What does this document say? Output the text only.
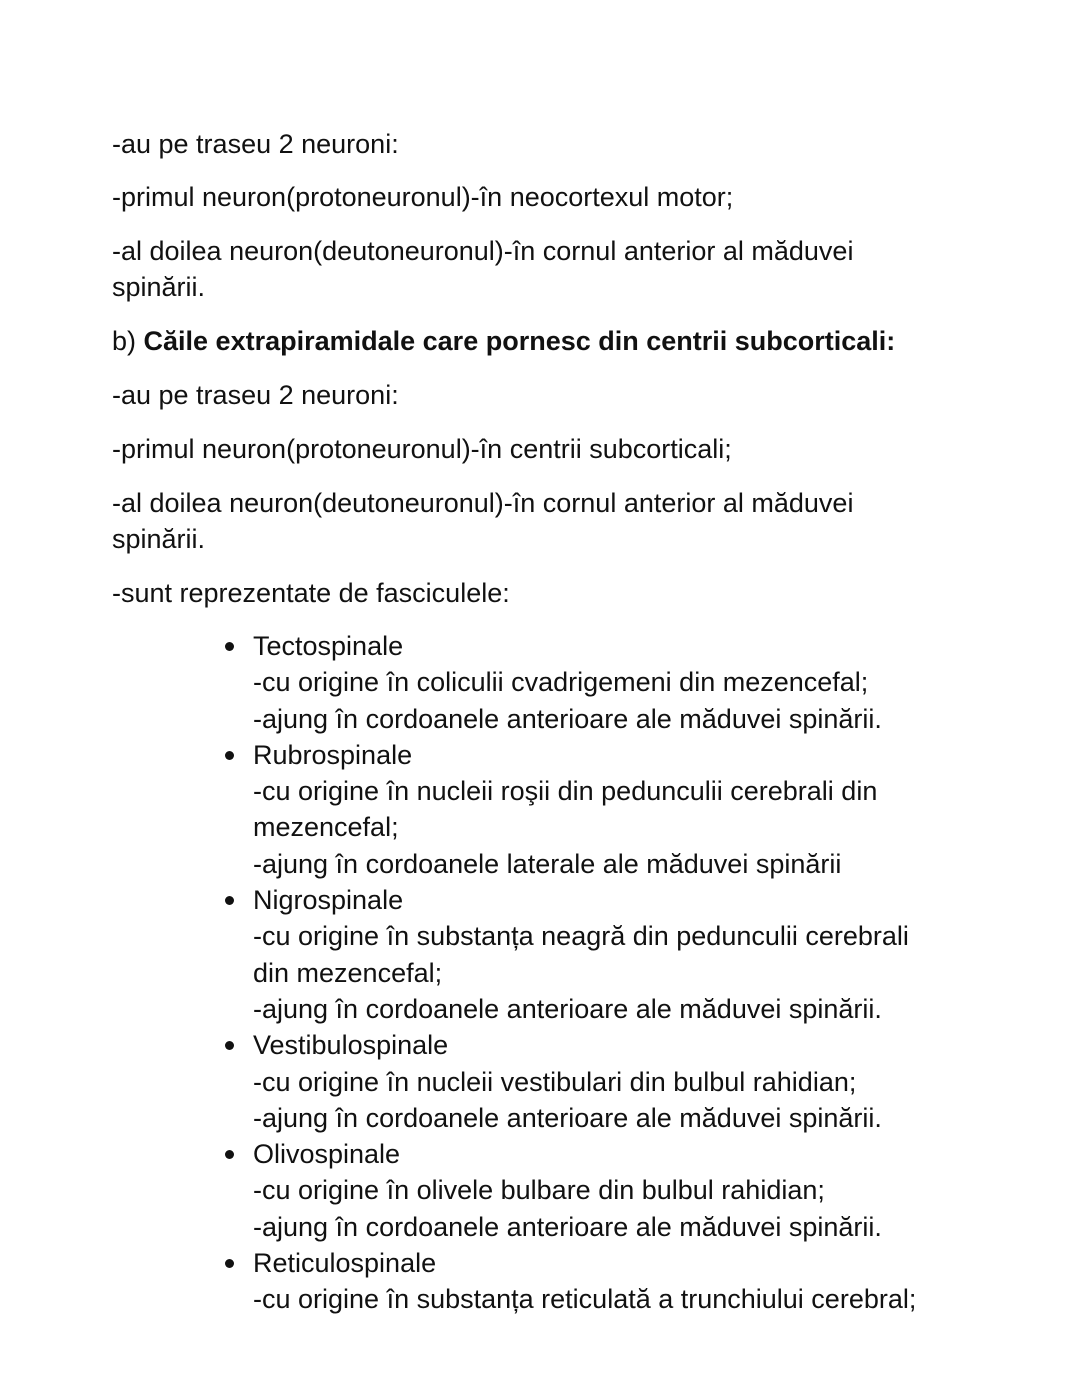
-au pe traseu 2 neuroni:

-primul neuron(protoneuronul)-în neocortexul motor;

-al doilea neuron(deutoneuronul)-în cornul anterior al măduvei

spinării.

b) Căile extrapiramidale care pornesc din centrii subcorticali:

-au pe traseu 2 neuroni:

-primul neuron(protoneuronul)-în centrii subcorticali;

-al doilea neuron(deutoneuronul)-în cornul anterior al măduvei

spinării.

-sunt reprezentate de fasciculele:

Tectospinale
-cu origine în coliculii cvadrigemeni din mezencefal;
-ajung în cordoanele anterioare ale măduvei spinării.
Rubrospinale
-cu origine în nucleii roşii din pedunculii cerebrali din
mezencefal;
-ajung în cordoanele laterale ale măduvei spinării
Nigrospinale
-cu origine în substanța neagră din pedunculii cerebrali
din mezencefal;
-ajung în cordoanele anterioare ale măduvei spinării.
Vestibulospinale
-cu origine în nucleii vestibulari din bulbul rahidian;
-ajung în cordoanele anterioare ale măduvei spinării.
Olivospinale
-cu origine în olivele bulbare din bulbul rahidian;
-ajung în cordoanele anterioare ale măduvei spinării.
Reticulospinale
-cu origine în substanța reticulată a trunchiului cerebral;
